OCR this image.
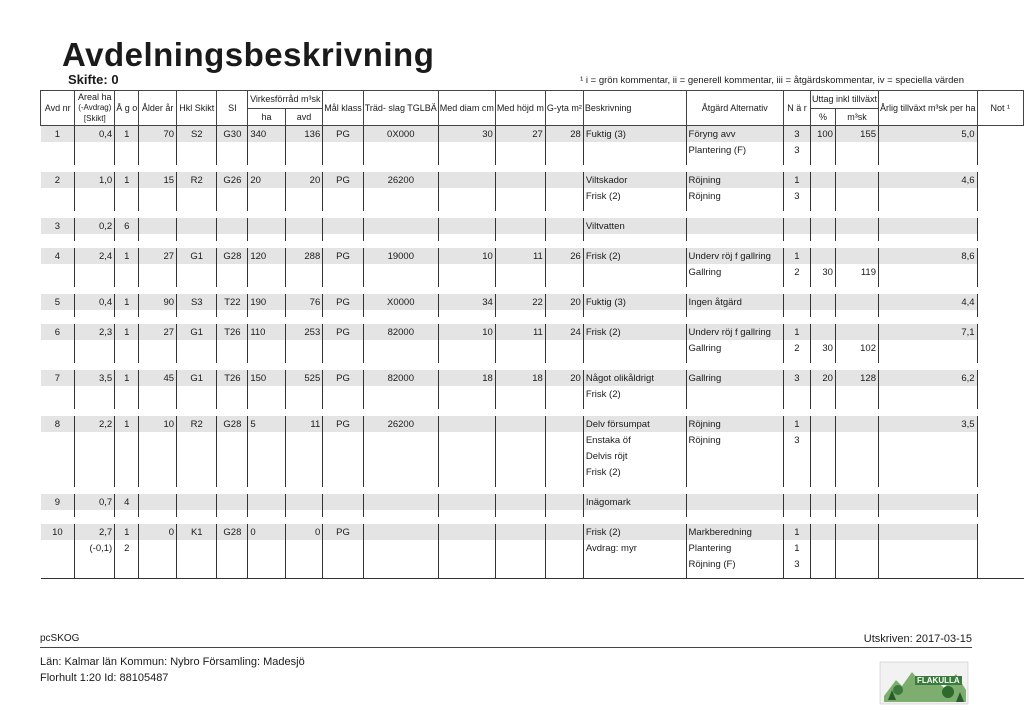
Avdelningsbeskrivning
Skifte: 0	¹ i = grön kommentar, ii = generell kommentar, iii = åtgärdskommentar, iv = speciella värden
Avd nr	Areal ha
(-Avdrag)
[Skikt]	Å g o	Ålder år	Hkl Skikt	SI	Virkesförråd m³sk		Mål klass	Träd- slag TGLBÄ	Med diam cm	Med höjd m	G-yta m²	Beskrivning	Åtgärd Alternativ	N ä r	Uttag inkl tillväxt		Årlig tillväxt m³sk per ha	Not ¹
						ha	avd									%	m³sk		
1	0,4	1	70	S2	G30	340	136	PG	0X000	30	27	28	Fuktig (3)	Föryng avv	3	100	155	5,0	
														Plantering (F)	3				

2	1,0	1	15	R2	G26	20	20	PG	26200				Viltskador	Röjning	1			4,6	
													Frisk (2)	Röjning	3				

3	0,2	6											Viltvatten						

4	2,4	1	27	G1	G28	120	288	PG	19000	10	11	26	Frisk (2)	Underv röj f gallring	1			8,6	
														Gallring	2	30	119		

5	0,4	1	90	S3	T22	190	76	PG	X0000	34	22	20	Fuktig (3)	Ingen åtgärd				4,4	

6	2,3	1	27	G1	T26	110	253	PG	82000	10	11	24	Frisk (2)	Underv röj f gallring	1			7,1	
														Gallring	2	30	102		

7	3,5	1	45	G1	T26	150	525	PG	82000	18	18	20	Något olikåldrigt	Gallring	3	20	128	6,2	
													Frisk (2)						

8	2,2	1	10	R2	G28	5	11	PG	26200				Delv försumpat	Röjning	1			3,5	
													Enstaka öf	Röjning	3				
													Delvis röjt						
													Frisk (2)						

9	0,7	4											Inägomark						

10	2,7	1	0	K1	G28	0	0	PG					Frisk (2)	Markberedning	1				
	(-0,1)	2											Avdrag: myr	Plantering	1				
														Röjning (F)	3				

pcSKOG	Utskriven: 2017-03-15
Län: Kalmar län Kommun: Nybro Församling: Madesjö
Florhult 1:20 Id: 88105487	FLAKULLA
